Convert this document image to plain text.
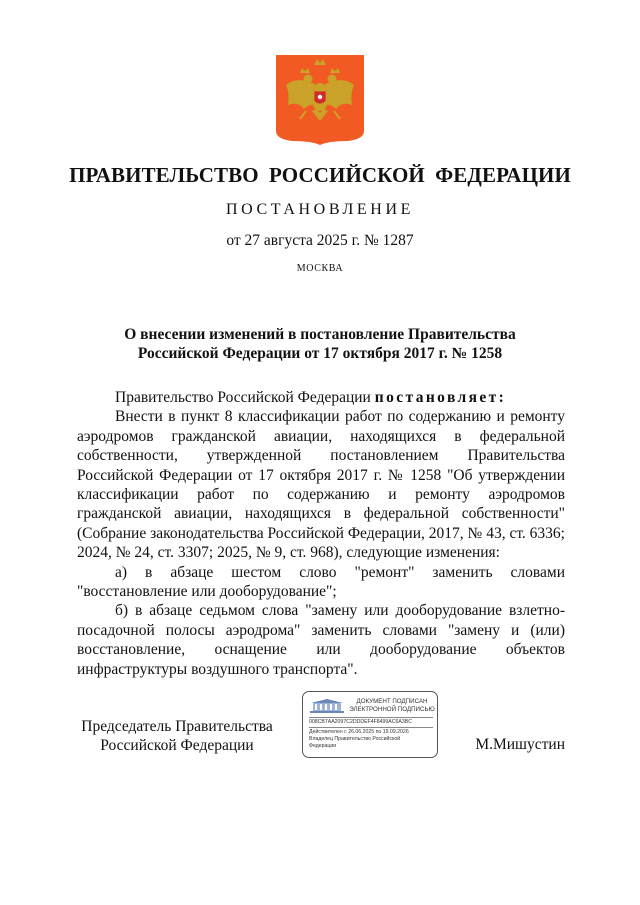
ПРАВИТЕЛЬСТВО РОССИЙСКОЙ ФЕДЕРАЦИИ
ПОСТАНОВЛЕНИЕ
от 27 августа 2025 г. № 1287
МОСКВА
О внесении изменений в постановление Правительства
Российской Федерации от 17 октября 2017 г. № 1258

Правительство Российской Федерации постановляет:

Внести в пункт 8 классификации работ по содержанию и ремонту аэродромов гражданской авиации, находящихся в федеральной собственности, утвержденной постановлением Правительства Российской Федерации от 17 октября 2017 г. № 1258 "Об утверждении классификации работ по содержанию и ремонту аэродромов гражданской авиации, находящихся в федеральной собственности" (Собрание законодательства Российской Федерации, 2017, № 43, ст. 6336; 2024, № 24, ст. 3307; 2025, № 9, ст. 968), следующие изменения:

а) в абзаце шестом слово "ремонт" заменить словами "восстановление или дооборудование";

б) в абзаце седьмом слова "замену или дооборудование взлетно-посадочной полосы аэродрома" заменить словами "замену и (или) восстановление, оснащение или дооборудование объектов инфраструктуры воздушного транспорта".

Председатель Правительства
Российской Федерации	М.Мишустин
ДОКУМЕНТ ПОДПИСАН
ЭЛЕКТРОННОЙ ПОДПИСЬЮ
008CB7AA2097C2DDDEF4F8499AC6A3BC
Действителен с 26.06.2025 по 19.09.2026
Владелец Правительство Российской
Федерации
